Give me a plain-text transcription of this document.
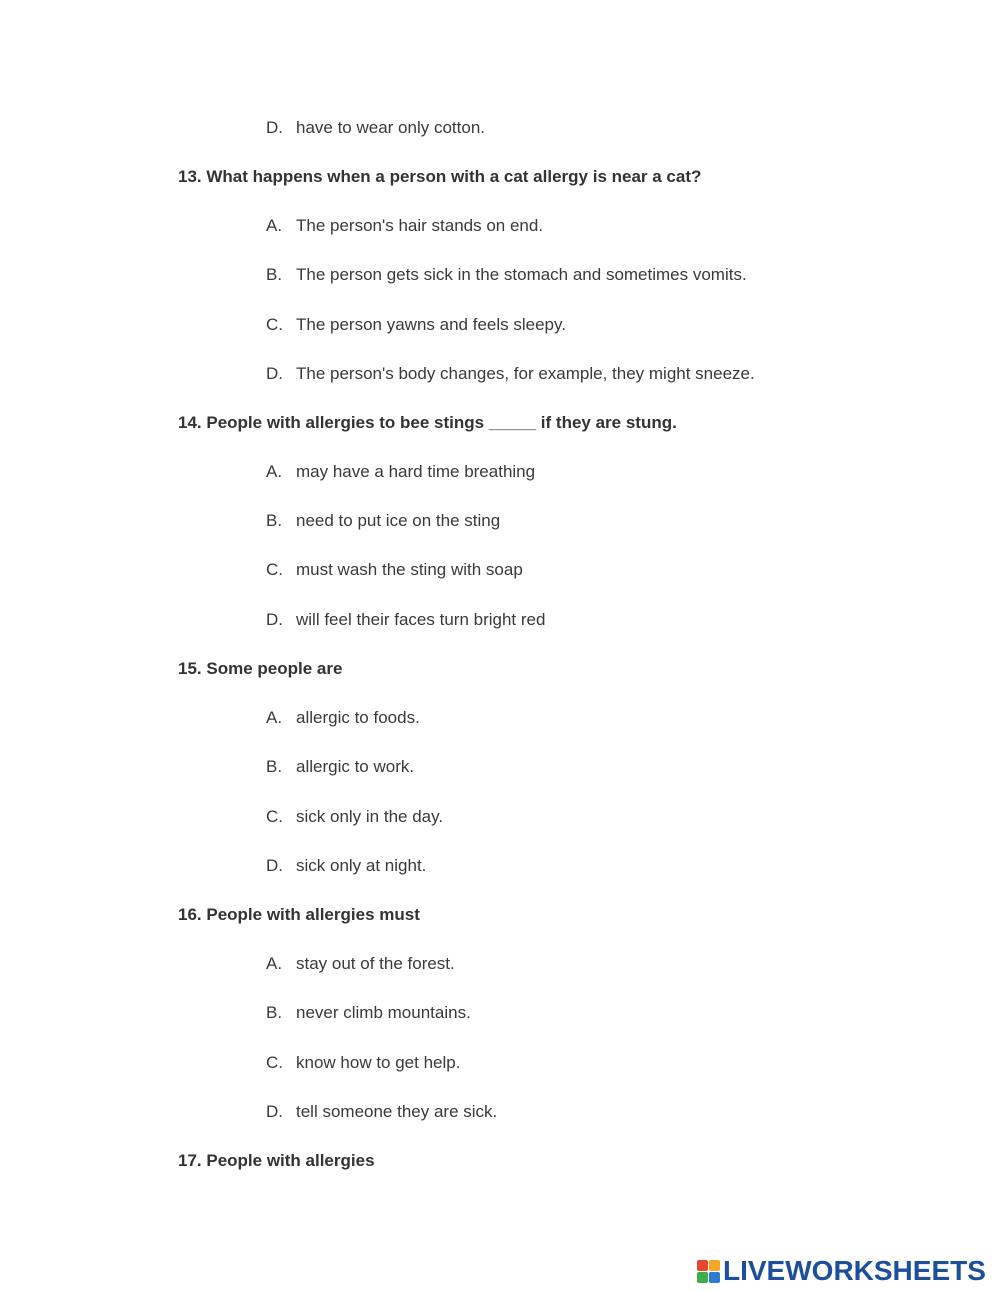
D. have to wear only cotton.
13. What happens when a person with a cat allergy is near a cat?
A. The person's hair stands on end.
B. The person gets sick in the stomach and sometimes vomits.
C. The person yawns and feels sleepy.
D. The person's body changes, for example, they might sneeze.
14. People with allergies to bee stings _____ if they are stung.
A. may have a hard time breathing
B. need to put ice on the sting
C. must wash the sting with soap
D. will feel their faces turn bright red
15. Some people are
A. allergic to foods.
B. allergic to work.
C. sick only in the day.
D. sick only at night.
16. People with allergies must
A. stay out of the forest.
B. never climb mountains.
C. know how to get help.
D. tell someone they are sick.
17. People with allergies
LIVEWORKSHEETS
